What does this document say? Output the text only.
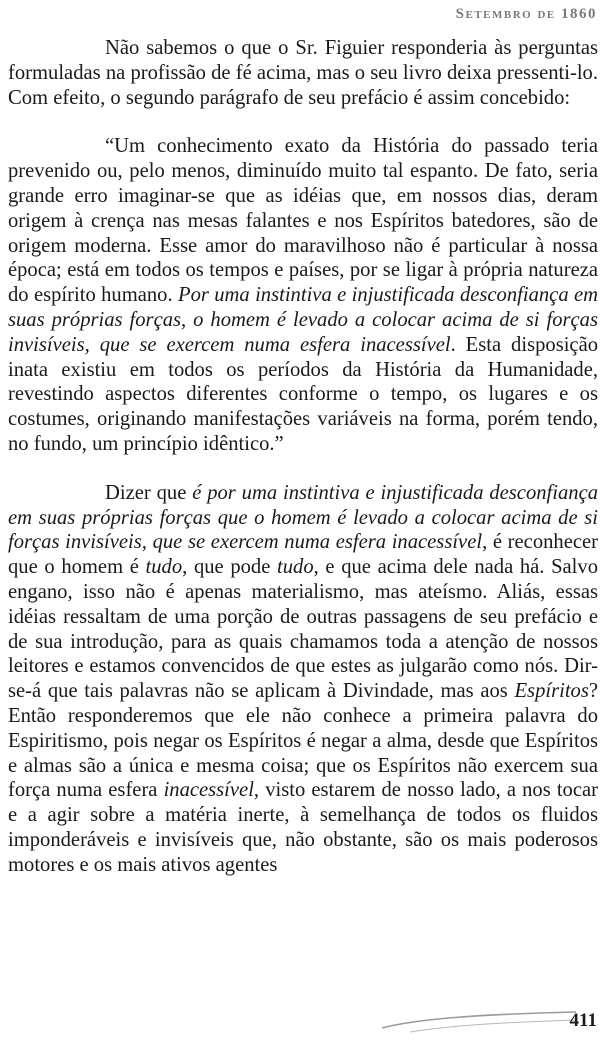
Setembro de 1860

Não sabemos o que o Sr. Figuier responderia às perguntas formuladas na profissão de fé acima, mas o seu livro deixa pressenti-lo. Com efeito, o segundo parágrafo de seu prefácio é assim concebido:

“Um conhecimento exato da História do passado teria prevenido ou, pelo menos, diminuído muito tal espanto. De fato, seria grande erro imaginar-se que as idéias que, em nossos dias, deram origem à crença nas mesas falantes e nos Espíritos batedores, são de origem moderna. Esse amor do maravilhoso não é particular à nossa época; está em todos os tempos e países, por se ligar à própria natureza do espírito humano. Por uma instintiva e injustificada desconfiança em suas próprias forças, o homem é levado a colocar acima de si forças invisíveis, que se exercem numa esfera inacessível. Esta disposição inata existiu em todos os períodos da História da Humanidade, revestindo aspectos diferentes conforme o tempo, os lugares e os costumes, originando manifestações variáveis na forma, porém tendo, no fundo, um princípio idêntico.”

Dizer que é por uma instintiva e injustificada desconfiança em suas próprias forças que o homem é levado a colocar acima de si forças invisíveis, que se exercem numa esfera inacessível, é reconhecer que o homem é tudo, que pode tudo, e que acima dele nada há. Salvo engano, isso não é apenas materialismo, mas ateísmo. Aliás, essas idéias ressaltam de uma porção de outras passagens de seu prefácio e de sua introdução, para as quais chamamos toda a atenção de nossos leitores e estamos convencidos de que estes as julgarão como nós. Dir-se-á que tais palavras não se aplicam à Divindade, mas aos Espíritos? Então responderemos que ele não conhece a primeira palavra do Espiritismo, pois negar os Espíritos é negar a alma, desde que Espíritos e almas são a única e mesma coisa; que os Espíritos não exercem sua força numa esfera inacessível, visto estarem de nosso lado, a nos tocar e a agir sobre a matéria inerte, à semelhança de todos os fluidos imponderáveis e invisíveis que, não obstante, são os mais poderosos motores e os mais ativos agentes

411
